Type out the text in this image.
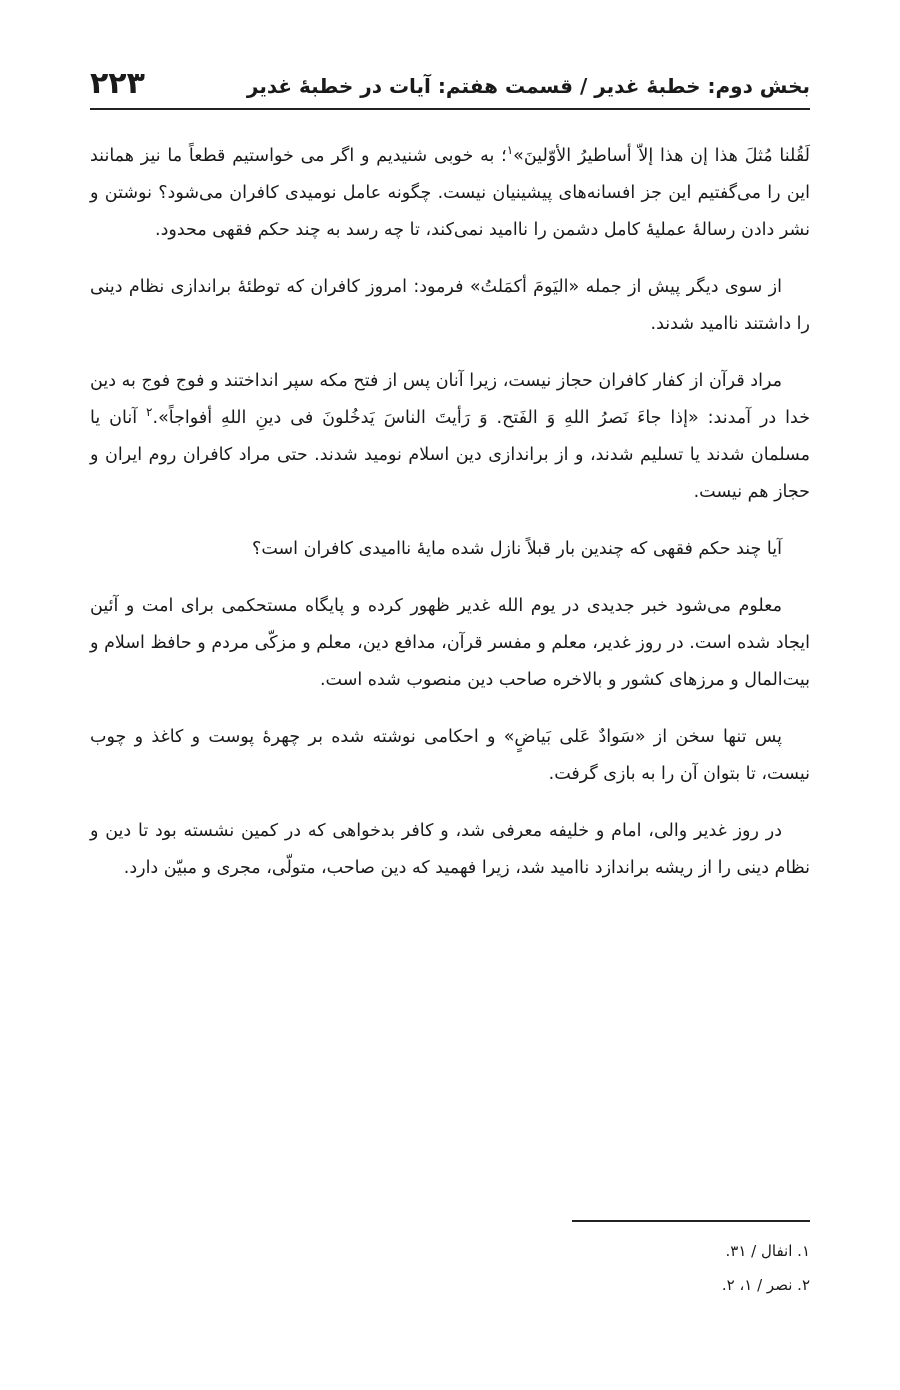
بخش دوم: خطبهٔ غدیر / قسمت هفتم: آیات در خطبهٔ غدیر
۲۲۳

لَقُلنا مُثلَ هذا إن هذا إلاّ أساطیرُ الأوّلینَ»$^۱$؛ به خوبی شنیدیم و اگر می خواستیم قطعاً ما نیز همانند این را می‌گفتیم این جز افسانه‌های پیشینیان نیست. چگونه عامل نومیدی کافران می‌شود؟ نوشتن و نشر دادن رسالهٔ عملیهٔ کامل دشمن را ناامید نمی‌کند، تا چه رسد به چند حکم فقهی محدود.

از سوی دیگر پیش از جمله «الیَومَ أکمَلتُ» فرمود: امروز کافران که توطئهٔ براندازی نظام دینی را داشتند ناامید شدند.

مراد قرآن از کفار کافران حجاز نیست، زیرا آنان پس از فتح مکه سپر انداختند و فوج فوج به دین خدا در آمدند: «إذا جاءَ نَصرُ اللهِ وَ الفَتح. وَ رَأیتَ الناسَ یَدخُلونَ فی دینِ اللهِ أفواجاً».$^۲$ آنان یا مسلمان شدند یا تسلیم شدند، و از براندازی دین اسلام نومید شدند. حتی مراد کافران روم ایران و حجاز هم نیست.

آیا چند حکم فقهی که چندین بار قبلاً نازل شده مایهٔ ناامیدی کافران است؟

معلوم می‌شود خبر جدیدی در یوم الله غدیر ظهور کرده و پایگاه مستحکمی برای امت و آئین ایجاد شده است. در روز غدیر، معلم و مفسر قرآن، مدافع دین، معلم و مزکّی مردم و حافظ اسلام و بیت‌المال و مرزهای کشور و بالاخره صاحب دین منصوب شده است.

پس تنها سخن از «سَوادٌ عَلی بَیاضٍ» و احکامی نوشته شده بر چهرهٔ پوست و کاغذ و چوب نیست، تا بتوان آن را به بازی گرفت.

در روز غدیر والی، امام و خلیفه معرفی شد، و کافر بدخواهی که در کمین نشسته بود تا دین و نظام دینی را از ریشه براندازد ناامید شد، زیرا فهمید که دین صاحب، متولّی، مجری و مبیّن دارد.

۱. انفال / ۳۱.

۲. نصر / ۱، ۲.
